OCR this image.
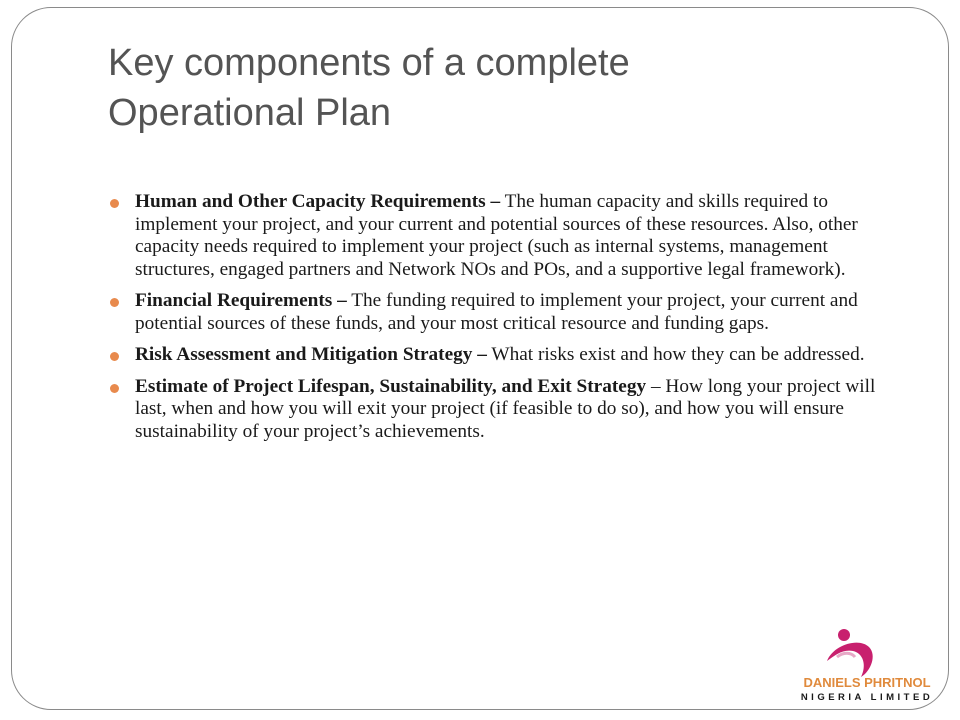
Key components of a complete
Operational Plan
Human and Other Capacity Requirements – The human capacity and skills required to implement your project, and your current and potential sources of these resources. Also, other capacity needs required to implement your project (such as internal systems, management structures, engaged partners and Network NOs and POs, and a supportive legal framework).
Financial Requirements – The funding required to implement your project, your current and potential sources of these funds, and your most critical resource and funding gaps.
Risk Assessment and Mitigation Strategy – What risks exist and how they can be addressed.
Estimate of Project Lifespan, Sustainability, and Exit Strategy – How long your project will last, when and how you will exit your project (if feasible to do so), and how you will ensure sustainability of your project’s achievements.
DANIELS PHRITNOL
NIGERIA LIMITED
